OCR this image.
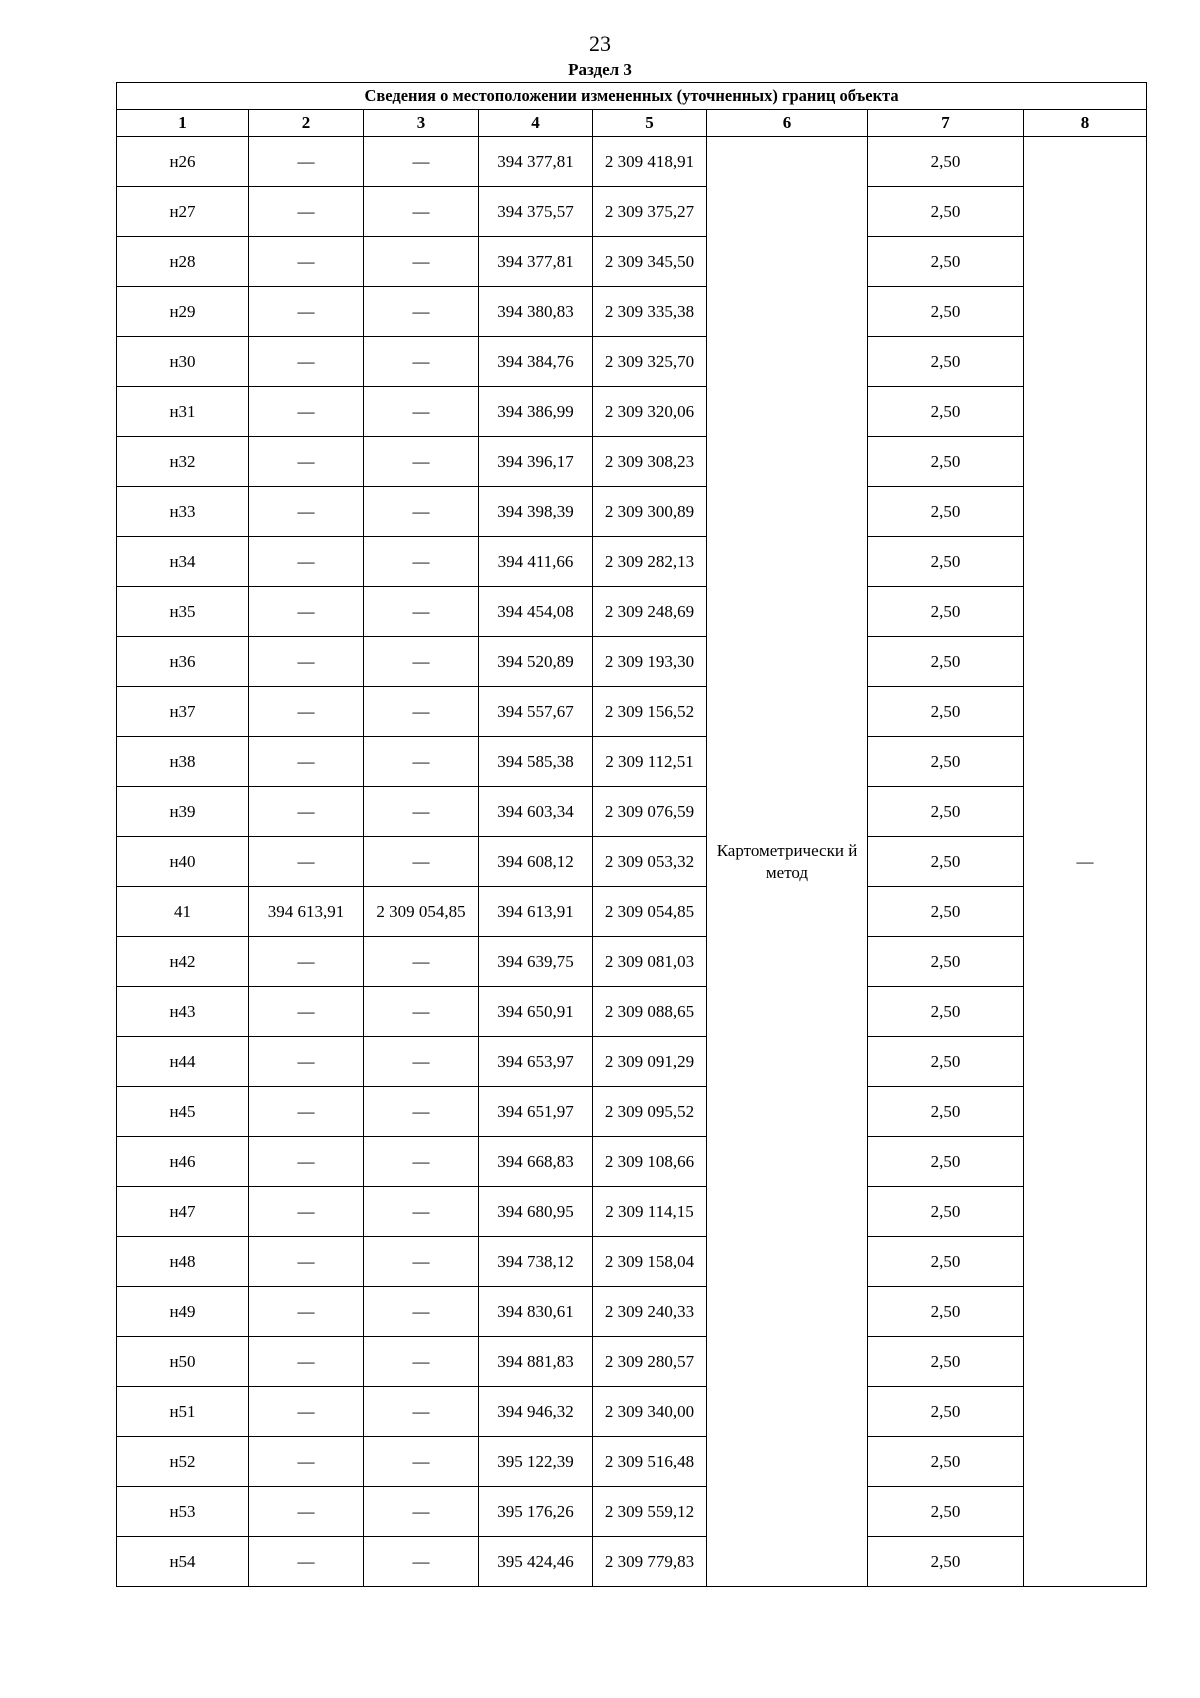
23
Раздел 3
Сведения о местоположении измененных (уточненных) границ объекта							
1	2	3	4	5	6	7	8
н26	—	—	394 377,81	2 309 418,91	Картометрически й метод	2,50	—
н27	—	—	394 375,57	2 309 375,27		2,50	
н28	—	—	394 377,81	2 309 345,50		2,50	
н29	—	—	394 380,83	2 309 335,38		2,50	
н30	—	—	394 384,76	2 309 325,70		2,50	
н31	—	—	394 386,99	2 309 320,06		2,50	
н32	—	—	394 396,17	2 309 308,23		2,50	
н33	—	—	394 398,39	2 309 300,89		2,50	
н34	—	—	394 411,66	2 309 282,13		2,50	
н35	—	—	394 454,08	2 309 248,69		2,50	
н36	—	—	394 520,89	2 309 193,30		2,50	
н37	—	—	394 557,67	2 309 156,52		2,50	
н38	—	—	394 585,38	2 309 112,51		2,50	
н39	—	—	394 603,34	2 309 076,59		2,50	
н40	—	—	394 608,12	2 309 053,32		2,50	
41	394 613,91	2 309 054,85	394 613,91	2 309 054,85		2,50	
н42	—	—	394 639,75	2 309 081,03		2,50	
н43	—	—	394 650,91	2 309 088,65		2,50	
н44	—	—	394 653,97	2 309 091,29		2,50	
н45	—	—	394 651,97	2 309 095,52		2,50	
н46	—	—	394 668,83	2 309 108,66		2,50	
н47	—	—	394 680,95	2 309 114,15		2,50	
н48	—	—	394 738,12	2 309 158,04		2,50	
н49	—	—	394 830,61	2 309 240,33		2,50	
н50	—	—	394 881,83	2 309 280,57		2,50	
н51	—	—	394 946,32	2 309 340,00		2,50	
н52	—	—	395 122,39	2 309 516,48		2,50	
н53	—	—	395 176,26	2 309 559,12		2,50	
н54	—	—	395 424,46	2 309 779,83		2,50	
